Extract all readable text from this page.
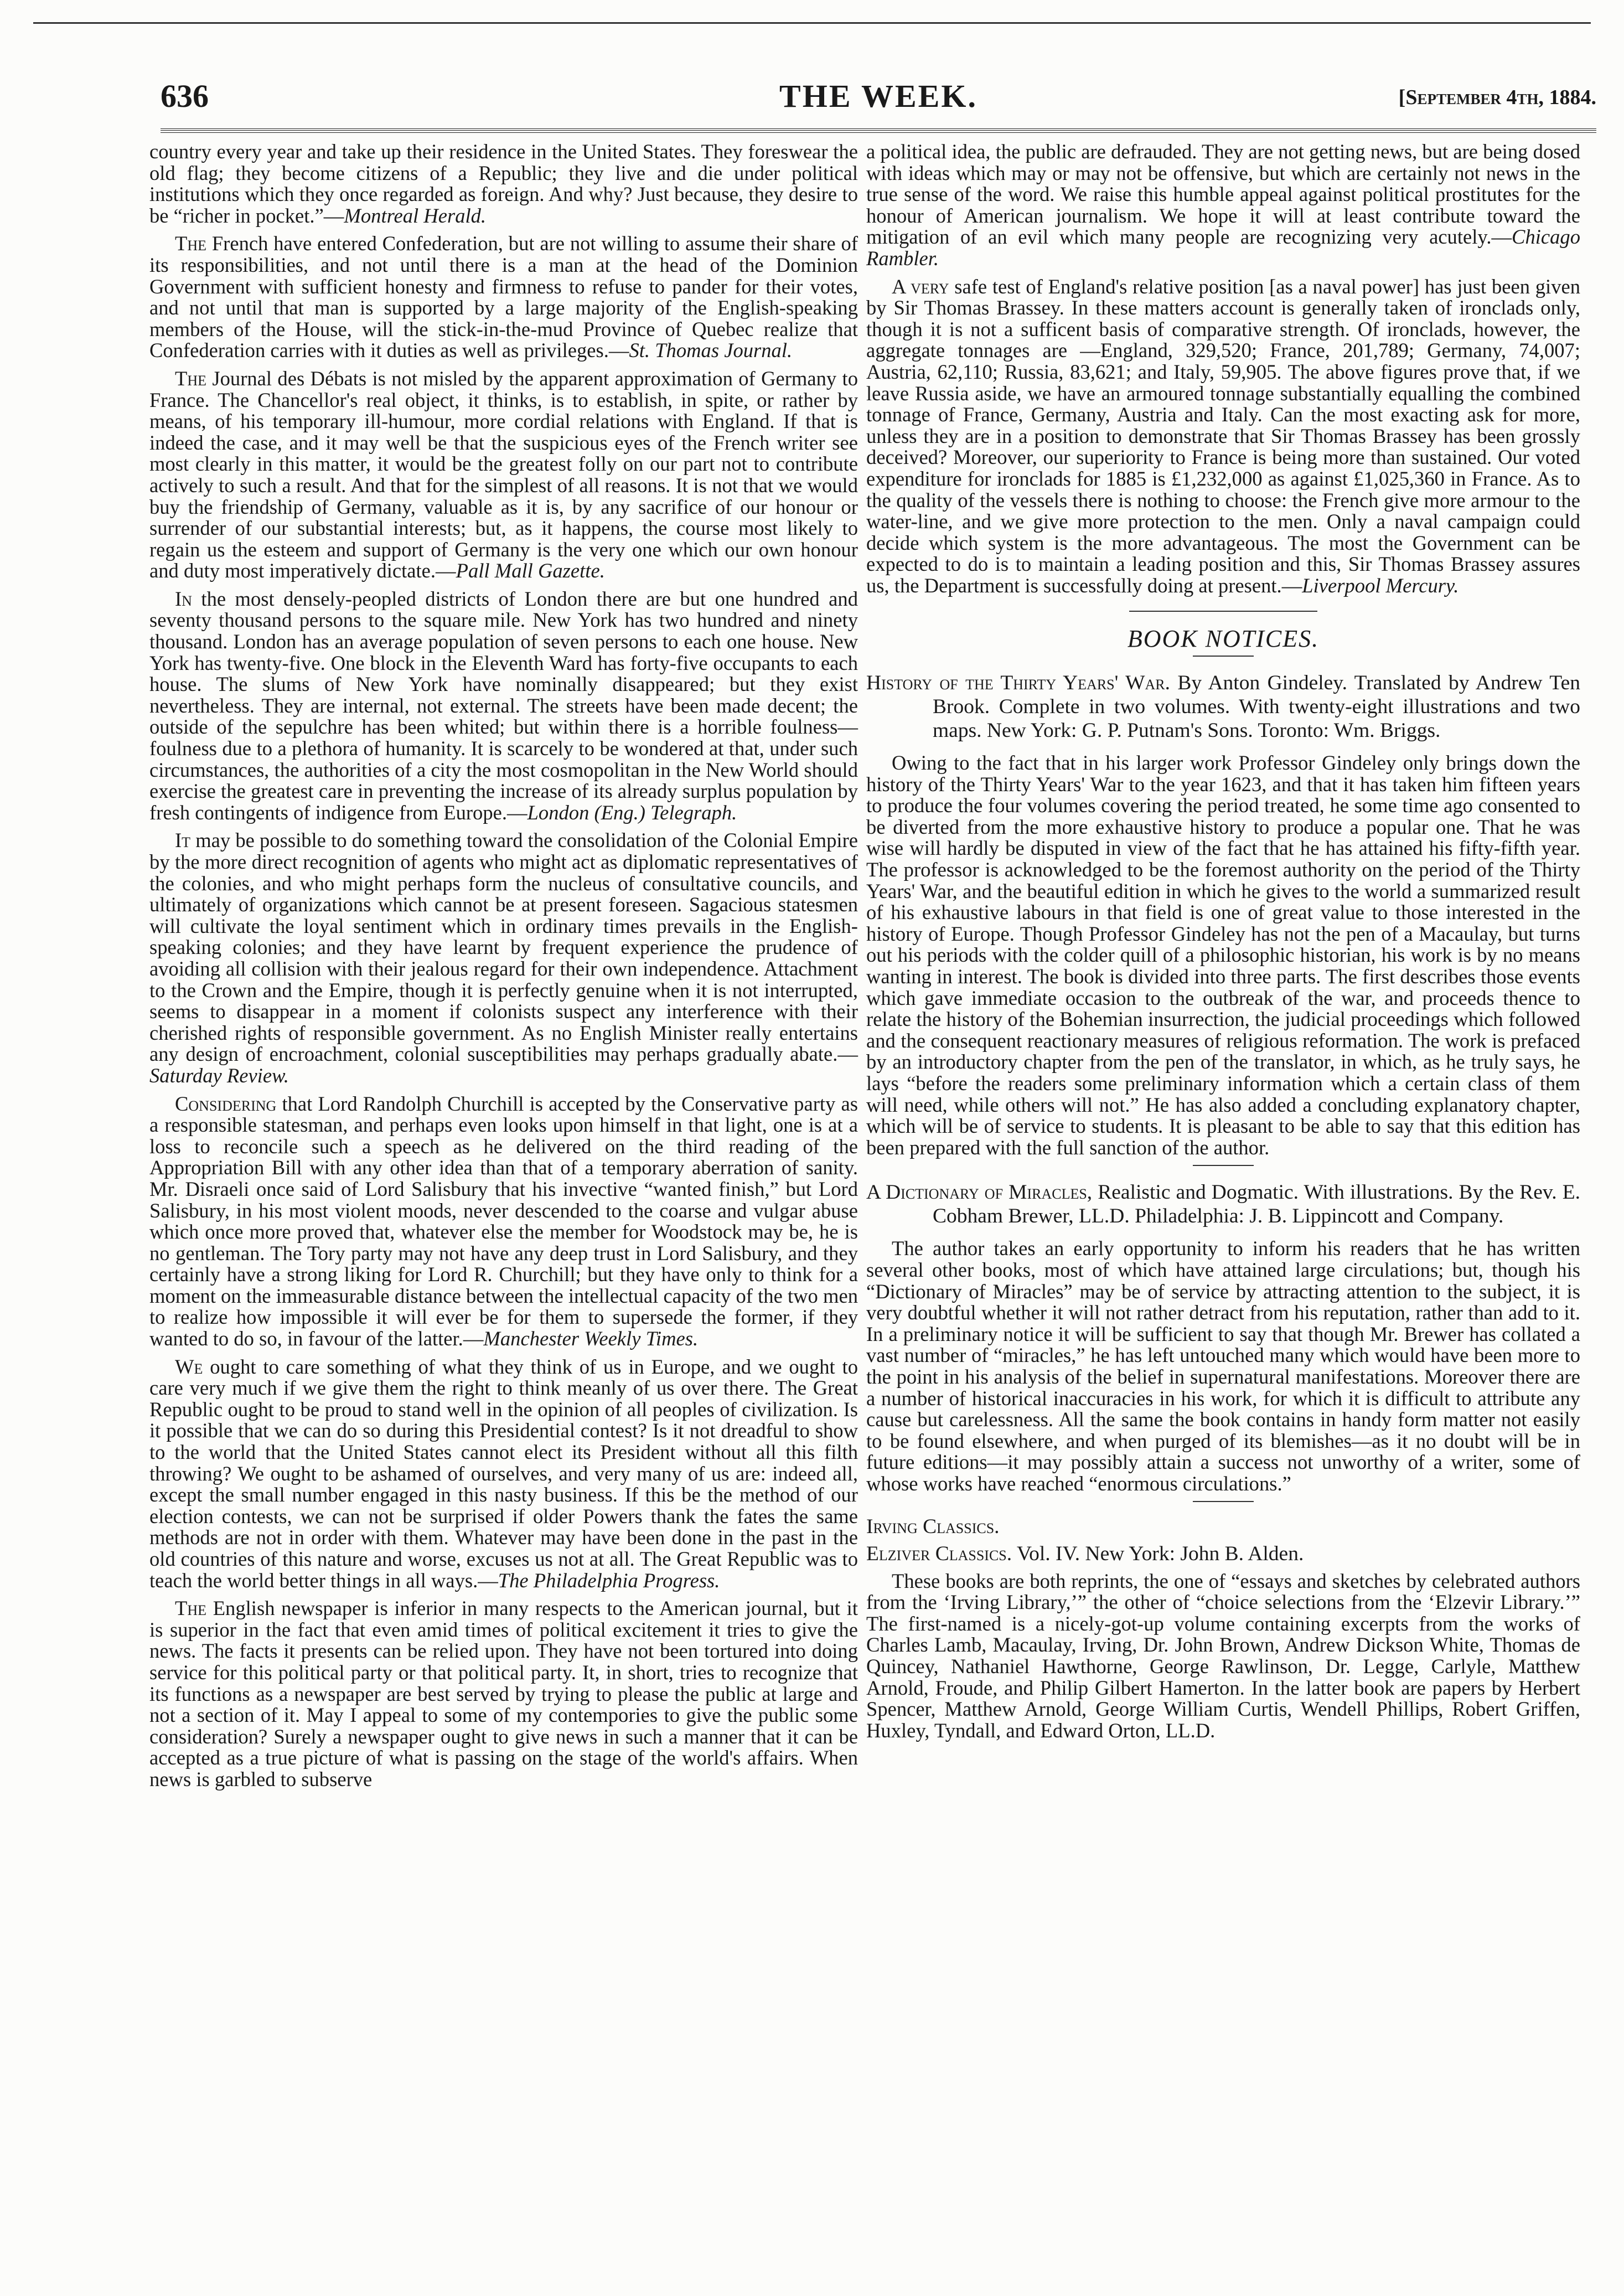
636	THE WEEK.	[September 4th, 1884.

country every year and take up their residence in the United States. They foreswear the old flag; they become citizens of a Republic; they live and die under political institutions which they once regarded as foreign. And why? Just because, they desire to be “richer in pocket.”—Montreal Herald.

The French have entered Confederation, but are not willing to assume their share of its responsibilities, and not until there is a man at the head of the Dominion Government with sufficient honesty and firmness to refuse to pander for their votes, and not until that man is supported by a large majority of the English-speaking members of the House, will the stick-in-the-mud Province of Quebec realize that Confederation carries with it duties as well as privileges.—St. Thomas Journal.

The Journal des Débats is not misled by the apparent approximation of Germany to France. The Chancellor's real object, it thinks, is to establish, in spite, or rather by means, of his temporary ill-humour, more cordial relations with England. If that is indeed the case, and it may well be that the suspicious eyes of the French writer see most clearly in this matter, it would be the greatest folly on our part not to contribute actively to such a result. And that for the simplest of all reasons. It is not that we would buy the friendship of Germany, valuable as it is, by any sacrifice of our honour or surrender of our substantial interests; but, as it happens, the course most likely to regain us the esteem and support of Germany is the very one which our own honour and duty most imperatively dictate.—Pall Mall Gazette.

In the most densely-peopled districts of London there are but one hundred and seventy thousand persons to the square mile. New York has two hundred and ninety thousand. London has an average population of seven persons to each one house. New York has twenty-five. One block in the Eleventh Ward has forty-five occupants to each house. The slums of New York have nominally disappeared; but they exist nevertheless. They are internal, not external. The streets have been made decent; the outside of the sepulchre has been whited; but within there is a horrible foulness—foulness due to a plethora of humanity. It is scarcely to be wondered at that, under such circumstances, the authorities of a city the most cosmopolitan in the New World should exercise the greatest care in preventing the increase of its already surplus population by fresh contingents of indigence from Europe.—London (Eng.) Telegraph.

It may be possible to do something toward the consolidation of the Colonial Empire by the more direct recognition of agents who might act as diplomatic representatives of the colonies, and who might perhaps form the nucleus of consultative councils, and ultimately of organizations which cannot be at present foreseen. Sagacious statesmen will cultivate the loyal sentiment which in ordinary times prevails in the English-speaking colonies; and they have learnt by frequent experience the prudence of avoiding all collision with their jealous regard for their own independence. Attachment to the Crown and the Empire, though it is perfectly genuine when it is not interrupted, seems to disappear in a moment if colonists suspect any interference with their cherished rights of responsible government. As no English Minister really entertains any design of encroachment, colonial susceptibilities may perhaps gradually abate.—Saturday Review.

Considering that Lord Randolph Churchill is accepted by the Conservative party as a responsible statesman, and perhaps even looks upon himself in that light, one is at a loss to reconcile such a speech as he delivered on the third reading of the Appropriation Bill with any other idea than that of a temporary aberration of sanity. Mr. Disraeli once said of Lord Salisbury that his invective “wanted finish,” but Lord Salisbury, in his most violent moods, never descended to the coarse and vulgar abuse which once more proved that, whatever else the member for Woodstock may be, he is no gentleman. The Tory party may not have any deep trust in Lord Salisbury, and they certainly have a strong liking for Lord R. Churchill; but they have only to think for a moment on the immeasurable distance between the intellectual capacity of the two men to realize how impossible it will ever be for them to supersede the former, if they wanted to do so, in favour of the latter.—Manchester Weekly Times.

We ought to care something of what they think of us in Europe, and we ought to care very much if we give them the right to think meanly of us over there. The Great Republic ought to be proud to stand well in the opinion of all peoples of civilization. Is it possible that we can do so during this Presidential contest? Is it not dreadful to show to the world that the United States cannot elect its President without all this filth throwing? We ought to be ashamed of ourselves, and very many of us are: indeed all, except the small number engaged in this nasty business. If this be the method of our election contests, we can not be surprised if older Powers thank the fates the same methods are not in order with them. Whatever may have been done in the past in the old countries of this nature and worse, excuses us not at all. The Great Republic was to teach the world better things in all ways.—The Philadelphia Progress.

The English newspaper is inferior in many respects to the American journal, but it is superior in the fact that even amid times of political excitement it tries to give the news. The facts it presents can be relied upon. They have not been tortured into doing service for this political party or that political party. It, in short, tries to recognize that its functions as a newspaper are best served by trying to please the public at large and not a section of it. May I appeal to some of my contempories to give the public some consideration? Surely a newspaper ought to give news in such a manner that it can be accepted as a true picture of what is passing on the stage of the world's affairs. When news is garbled to subserve

a political idea, the public are defrauded. They are not getting news, but are being dosed with ideas which may or may not be offensive, but which are certainly not news in the true sense of the word. We raise this humble appeal against political prostitutes for the honour of American journalism. We hope it will at least contribute toward the mitigation of an evil which many people are recognizing very acutely.—Chicago Rambler.

A very safe test of England's relative position [as a naval power] has just been given by Sir Thomas Brassey. In these matters account is generally taken of ironclads only, though it is not a sufficent basis of comparative strength. Of ironclads, however, the aggregate tonnages are —England, 329,520; France, 201,789; Germany, 74,007; Austria, 62,110; Russia, 83,621; and Italy, 59,905. The above figures prove that, if we leave Russia aside, we have an armoured tonnage substantially equalling the combined tonnage of France, Germany, Austria and Italy. Can the most exacting ask for more, unless they are in a position to demonstrate that Sir Thomas Brassey has been grossly deceived? Moreover, our superiority to France is being more than sustained. Our voted expenditure for ironclads for 1885 is £1,232,000 as against £1,025,360 in France. As to the quality of the vessels there is nothing to choose: the French give more armour to the water-line, and we give more protection to the men. Only a naval campaign could decide which system is the more advantageous. The most the Government can be expected to do is to maintain a leading position and this, Sir Thomas Brassey assures us, the Department is successfully doing at present.—Liverpool Mercury.

BOOK NOTICES.
History of the Thirty Years' War. By Anton Gindeley. Translated by Andrew Ten Brook. Complete in two volumes. With twenty-eight illustrations and two maps. New York: G. P. Putnam's Sons. Toronto: Wm. Briggs.

Owing to the fact that in his larger work Professor Gindeley only brings down the history of the Thirty Years' War to the year 1623, and that it has taken him fifteen years to produce the four volumes covering the period treated, he some time ago consented to be diverted from the more exhaustive history to produce a popular one. That he was wise will hardly be disputed in view of the fact that he has attained his fifty-fifth year. The professor is acknowledged to be the foremost authority on the period of the Thirty Years' War, and the beautiful edition in which he gives to the world a summarized result of his exhaustive labours in that field is one of great value to those interested in the history of Europe. Though Professor Gindeley has not the pen of a Macaulay, but turns out his periods with the colder quill of a philosophic historian, his work is by no means wanting in interest. The book is divided into three parts. The first describes those events which gave immediate occasion to the outbreak of the war, and proceeds thence to relate the history of the Bohemian insurrection, the judicial proceedings which followed and the consequent reactionary measures of religious reformation. The work is prefaced by an introductory chapter from the pen of the translator, in which, as he truly says, he lays “before the readers some preliminary information which a certain class of them will need, while others will not.” He has also added a concluding explanatory chapter, which will be of service to students. It is pleasant to be able to say that this edition has been prepared with the full sanction of the author.

A Dictionary of Miracles, Realistic and Dogmatic. With illustrations. By the Rev. E. Cobham Brewer, LL.D. Philadelphia: J. B. Lippincott and Company.

The author takes an early opportunity to inform his readers that he has written several other books, most of which have attained large circulations; but, though his “Dictionary of Miracles” may be of service by attracting attention to the subject, it is very doubtful whether it will not rather detract from his reputation, rather than add to it. In a preliminary notice it will be sufficient to say that though Mr. Brewer has collated a vast number of “miracles,” he has left untouched many which would have been more to the point in his analysis of the belief in supernatural manifestations. Moreover there are a number of historical inaccuracies in his work, for which it is difficult to attribute any cause but carelessness. All the same the book contains in handy form matter not easily to be found elsewhere, and when purged of its blemishes—as it no doubt will be in future editions—it may possibly attain a success not unworthy of a writer, some of whose works have reached “enormous circulations.”

Irving Classics.
Elziver Classics. Vol. IV. New York: John B. Alden.

These books are both reprints, the one of “essays and sketches by celebrated authors from the ‘Irving Library,’” the other of “choice selections from the ‘Elzevir Library.’” The first-named is a nicely-got-up volume containing excerpts from the works of Charles Lamb, Macaulay, Irving, Dr. John Brown, Andrew Dickson White, Thomas de Quincey, Nathaniel Hawthorne, George Rawlinson, Dr. Legge, Carlyle, Matthew Arnold, Froude, and Philip Gilbert Hamerton. In the latter book are papers by Herbert Spencer, Matthew Arnold, George William Curtis, Wendell Phillips, Robert Griffen, Huxley, Tyndall, and Edward Orton, LL.D.
